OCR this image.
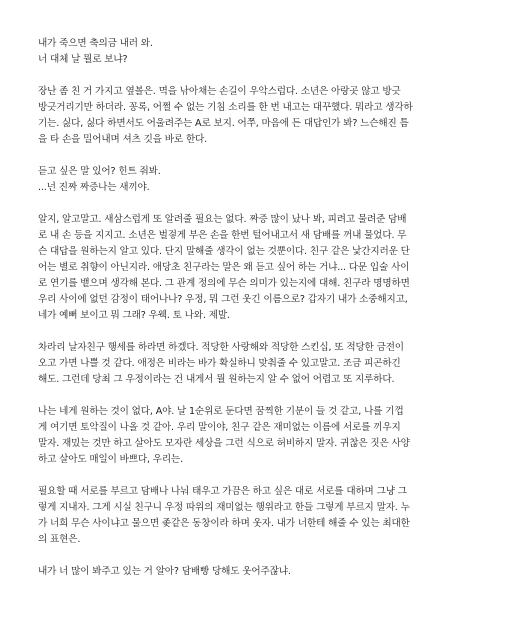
내가 죽으면 축의금 내러 와.
너 대체 날 뭘로 보냐?
장난 좀 친 거 가지고 옆볼은. 멱을 낚아채는 손길이 우악스럽다. 소년은 아랑곳 않고 방긋
방긋거리기만 하더라. 꽁록, 어쩔 수 없는 기침 소리를 한 번 내고는 대꾸했다. 뭐라고 생각하
기는. 싫다, 싫다 하면서도 어울려주는 A로 보지. 어쭈, 마음에 든 대답인가 봐? 느슨해진 틈
을 타 손을 밀어내며 셔츠 깃을 바로 한다.
듣고 싶은 말 있어? 힌트 줘봐.
...넌 진짜 짜증나는 새끼야.
알지, 알고말고. 새삼스럽게 또 알려줄 필요는 없다. 짜증 많이 났나 봐, 피려고 물려준 담배
로 내 손 등을 지지고. 소년은 벌겋게 부은 손을 한번 털어내고서 새 담배를 꺼내 물었다. 무
슨 대답을 원하는지 알고 있다. 단지 말해줄 생각이 없는 것뿐이다. 친구 같은 낯간지러운 단
어는 별로 취향이 아닌지라. 애당초 친구라는 말은 왜 듣고 싶어 하는 거냐... 다문 입술 사이
로 연기를 뱉으며 생각해 본다. 그 관계 정의에 무슨 의미가 있는지에 대해. 친구라 명명하면
우리 사이에 없던 감정이 태어나나? 우정, 뭐 그런 웃긴 이름으로? 갑자기 내가 소중해지고,
네가 예뻐 보이고 뭐 그래? 우웩. 토 나와. 제발.
차라리 날자친구 행세를 하라면 하겠다. 적당한 사랑해와 적당한 스킨십, 또 적당한 금전이
오고 가면 나쁠 것 같다. 애정은 비라는 바가 확실하니 맞춰줄 수 있고말고. 조금 피곤하긴
해도. 그런데 당최 그 우정이라는 건 내게서 뭘 원하는지 알 수 없어 어렵고 또 지루하다.
나는 네게 원하는 것이 없다, A야. 날 1순위로 둔다면 꿈찍한 기분이 들 것 같고, 나를 기껍
게 여기면 토악질이 나올 것 같아. 우리 말이야, 친구 같은 재미없는 이름에 서로를 끼우지
말자. 재밌는 것만 하고 살아도 모자란 세상을 그런 식으로 허비하지 말자. 귀찮은 짓은 사양
하고 살아도 매일이 바쁘다, 우리는.
필요할 때 서로를 부르고 담배나 나눠 태우고 가끔은 하고 싶은 대로 서로를 대하며 그냥 그
렇게 지내자. 그게 시실 친구니 우정 따위의 재미없는 행위라고 한들 그렇게 부르지 말자. 누
가 너희 무슨 사이냐고 물으면 좆같은 동창이라 하며 웃자. 내가 너한테 해줄 수 있는 최대한
의 표현은.
내가 너 많이 봐주고 있는 거 알아? 담배빵 당해도 웃어주잖냐.
